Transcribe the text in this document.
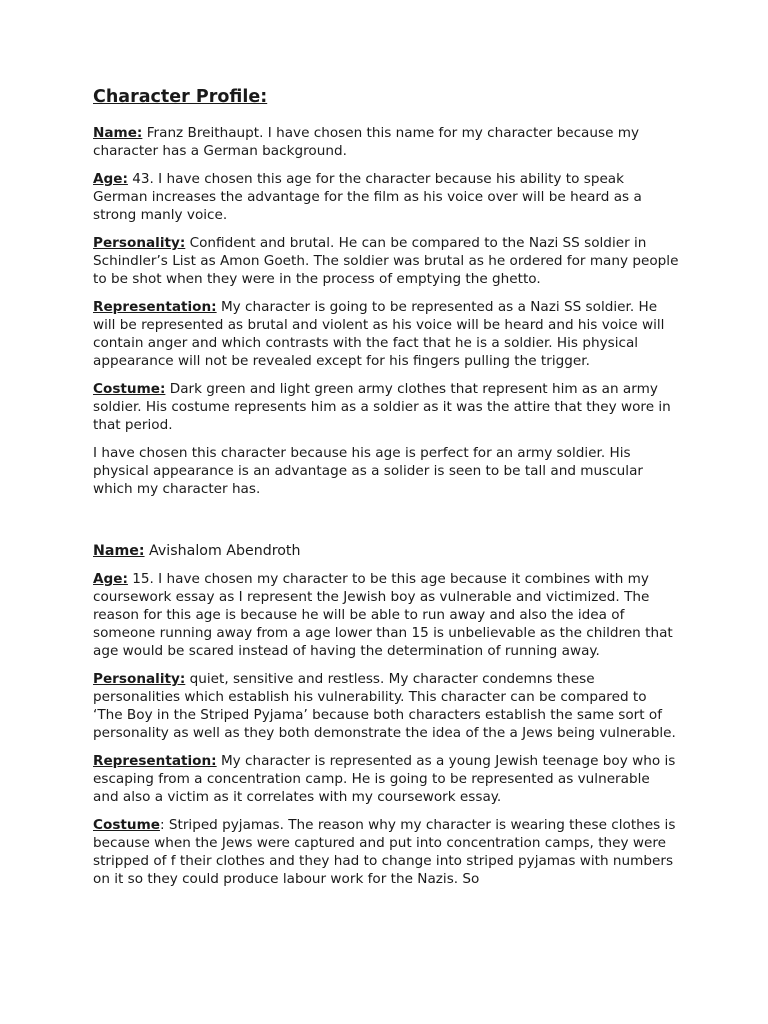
Character Profile:

Name: Franz Breithaupt. I have chosen this name for my character because my character has a German background.

Age: 43. I have chosen this age for the character because his ability to speak German increases the advantage for the film as his voice over will be heard as a strong manly voice.

Personality: Confident and brutal. He can be compared to the Nazi SS soldier in Schindler’s List as Amon Goeth. The soldier was brutal as he ordered for many people to be shot when they were in the process of emptying the ghetto.

Representation: My character is going to be represented as a Nazi SS soldier. He will be represented as brutal and violent as his voice will be heard and his voice will contain anger and which contrasts with the fact that he is a soldier. His physical appearance will not be revealed except for his fingers pulling the trigger.

Costume: Dark green and light green army clothes that represent him as an army soldier. His costume represents him as a soldier as it was the attire that they wore in that period.

I have chosen this character because his age is perfect for an army soldier. His physical appearance is an advantage as a solider is seen to be tall and muscular which my character has.

Name: Avishalom Abendroth

Age: 15. I have chosen my character to be this age because it combines with my coursework essay as I represent the Jewish boy as vulnerable and victimized. The reason for this age is because he will be able to run away and also the idea of someone running away from a age lower than 15 is unbelievable as the children that age would be scared instead of having the determination of running away.

Personality: quiet, sensitive and restless. My character condemns these personalities which establish his vulnerability. This character can be compared to ‘The Boy in the Striped Pyjama’ because both characters establish the same sort of personality as well as they both demonstrate the idea of the a Jews being vulnerable.

Representation: My character is represented as a young Jewish teenage boy who is escaping from a concentration camp. He is going to be represented as vulnerable and also a victim as it correlates with my coursework essay.

Costume: Striped pyjamas. The reason why my character is wearing these clothes is because when the Jews were captured and put into concentration camps, they were stripped of f their clothes and they had to change into striped pyjamas with numbers on it so they could produce labour work for the Nazis. So
